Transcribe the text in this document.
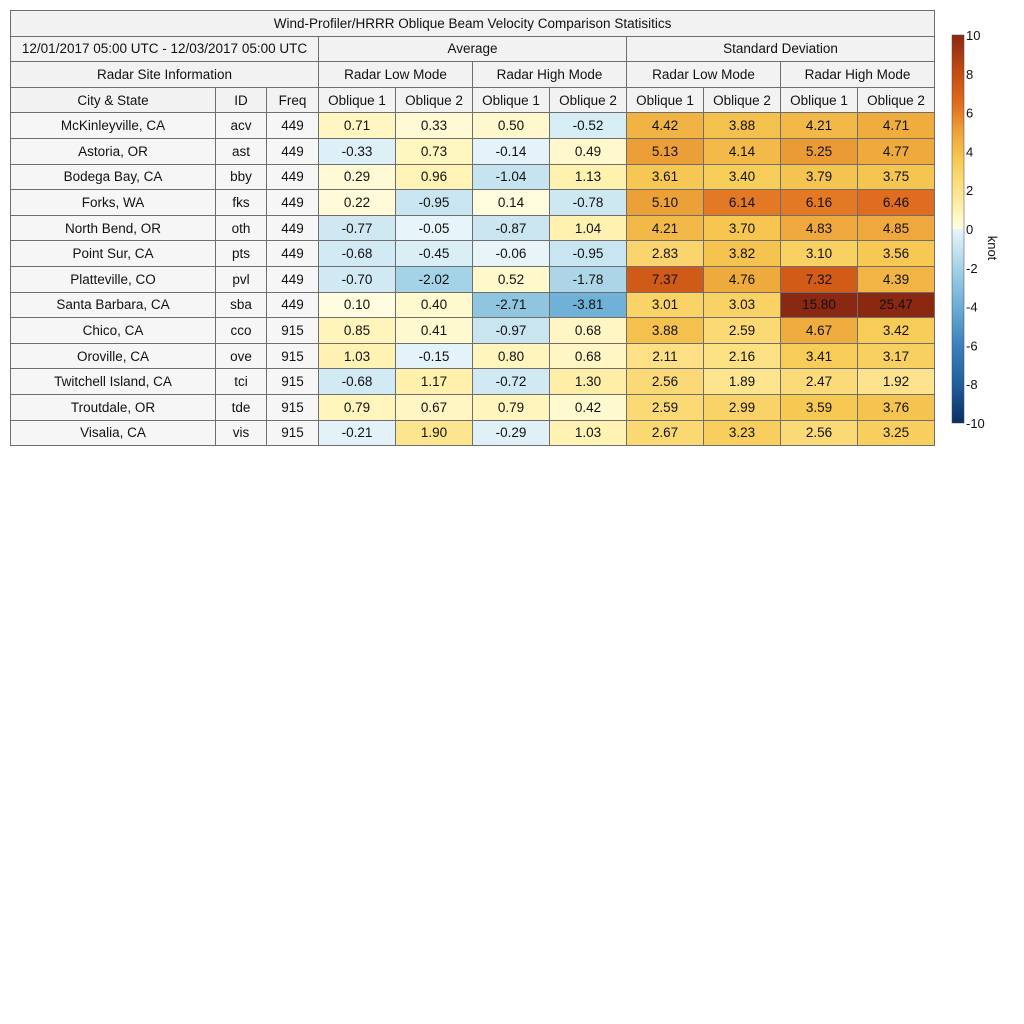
Wind-Profiler/HRRR Oblique Beam Velocity Comparison Statisitics										
12/01/2017 05:00 UTC - 12/03/2017 05:00 UTC			Average				Standard Deviation			
Radar Site Information			Radar Low Mode		Radar High Mode		Radar Low Mode		Radar High Mode	
City & State	ID	Freq	Oblique 1	Oblique 2	Oblique 1	Oblique 2	Oblique 1	Oblique 2	Oblique 1	Oblique 2
McKinleyville, CA	acv	449	0.71	0.33	0.50	-0.52	4.42	3.88	4.21	4.71
Astoria, OR	ast	449	-0.33	0.73	-0.14	0.49	5.13	4.14	5.25	4.77
Bodega Bay, CA	bby	449	0.29	0.96	-1.04	1.13	3.61	3.40	3.79	3.75
Forks, WA	fks	449	0.22	-0.95	0.14	-0.78	5.10	6.14	6.16	6.46
North Bend, OR	oth	449	-0.77	-0.05	-0.87	1.04	4.21	3.70	4.83	4.85
Point Sur, CA	pts	449	-0.68	-0.45	-0.06	-0.95	2.83	3.82	3.10	3.56
Platteville, CO	pvl	449	-0.70	-2.02	0.52	-1.78	7.37	4.76	7.32	4.39
Santa Barbara, CA	sba	449	0.10	0.40	-2.71	-3.81	3.01	3.03	15.80	25.47
Chico, CA	cco	915	0.85	0.41	-0.97	0.68	3.88	2.59	4.67	3.42
Oroville, CA	ove	915	1.03	-0.15	0.80	0.68	2.11	2.16	3.41	3.17
Twitchell Island, CA	tci	915	-0.68	1.17	-0.72	1.30	2.56	1.89	2.47	1.92
Troutdale, OR	tde	915	0.79	0.67	0.79	0.42	2.59	2.99	3.59	3.76
Visalia, CA	vis	915	-0.21	1.90	-0.29	1.03	2.67	3.23	2.56	3.25
10
8
6
4
2
0
-2
-4
-6
-8
-10
knot
